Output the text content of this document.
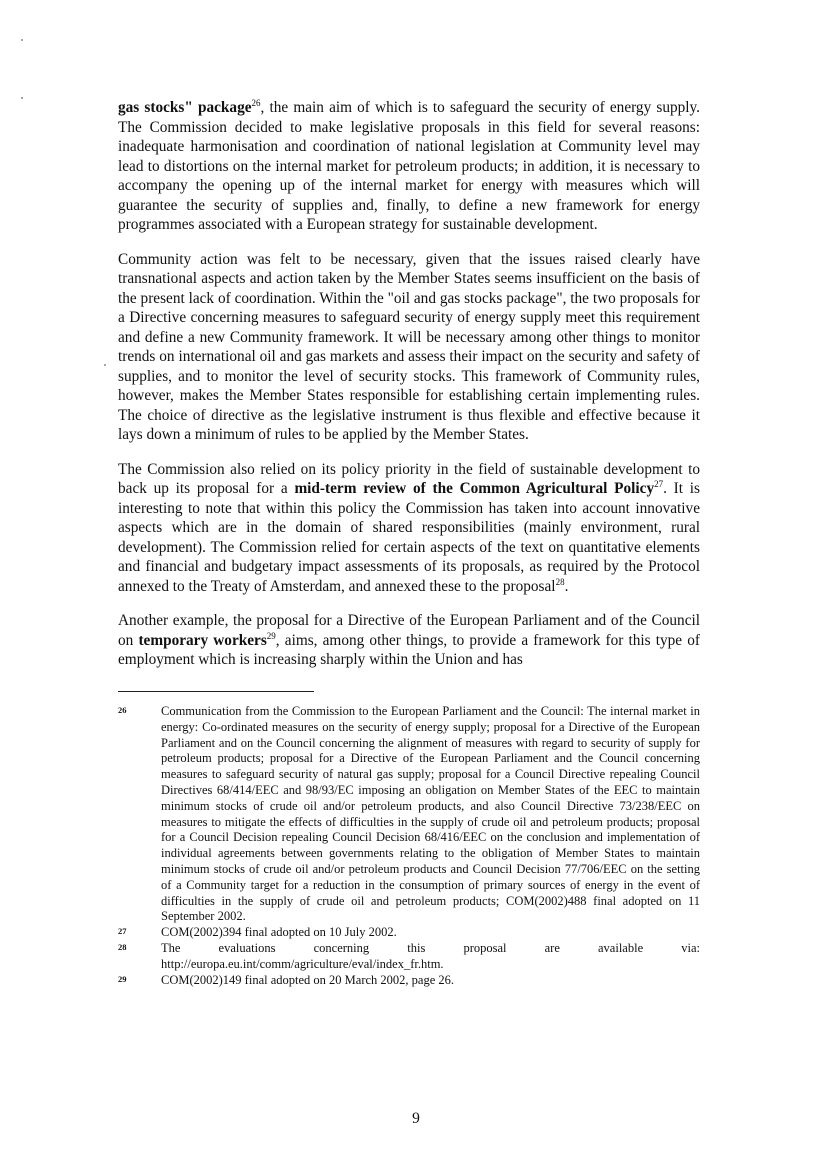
gas stocks" package$^{26}$, the main aim of which is to safeguard the security of energy supply. The Commission decided to make legislative proposals in this field for several reasons: inadequate harmonisation and coordination of national legislation at Community level may lead to distortions on the internal market for petroleum products; in addition, it is necessary to accompany the opening up of the internal market for energy with measures which will guarantee the security of supplies and, finally, to define a new framework for energy programmes associated with a European strategy for sustainable development.

Community action was felt to be necessary, given that the issues raised clearly have transnational aspects and action taken by the Member States seems insufficient on the basis of the present lack of coordination. Within the "oil and gas stocks package", the two proposals for a Directive concerning measures to safeguard security of energy supply meet this requirement and define a new Community framework. It will be necessary among other things to monitor trends on international oil and gas markets and assess their impact on the security and safety of supplies, and to monitor the level of security stocks. This framework of Community rules, however, makes the Member States responsible for establishing certain implementing rules. The choice of directive as the legislative instrument is thus flexible and effective because it lays down a minimum of rules to be applied by the Member States.

The Commission also relied on its policy priority in the field of sustainable development to back up its proposal for a mid-term review of the Common Agricultural Policy$^{27}$. It is interesting to note that within this policy the Commission has taken into account innovative aspects which are in the domain of shared responsibilities (mainly environment, rural development). The Commission relied for certain aspects of the text on quantitative elements and financial and budgetary impact assessments of its proposals, as required by the Protocol annexed to the Treaty of Amsterdam, and annexed these to the proposal$^{28}$.

Another example, the proposal for a Directive of the European Parliament and of the Council on temporary workers$^{29}$, aims, among other things, to provide a framework for this type of employment which is increasing sharply within the Union and has

26	Communication from the Commission to the European Parliament and the Council: The internal market in energy: Co-ordinated measures on the security of energy supply; proposal for a Directive of the European Parliament and on the Council concerning the alignment of measures with regard to security of supply for petroleum products; proposal for a Directive of the European Parliament and the Council concerning measures to safeguard security of natural gas supply; proposal for a Council Directive repealing Council Directives 68/414/EEC and 98/93/EC imposing an obligation on Member States of the EEC to maintain minimum stocks of crude oil and/or petroleum products, and also Council Directive 73/238/EEC on measures to mitigate the effects of difficulties in the supply of crude oil and petroleum products; proposal for a Council Decision repealing Council Decision 68/416/EEC on the conclusion and implementation of individual agreements between governments relating to the obligation of Member States to maintain minimum stocks of crude oil and/or petroleum products and Council Decision 77/706/EEC on the setting of a Community target for a reduction in the consumption of primary sources of energy in the event of difficulties in the supply of crude oil and petroleum products; COM(2002)488 final adopted on 11 September 2002.
27	COM(2002)394 final adopted on 10 July 2002.
28	The evaluations concerning this proposal are available via: http://europa.eu.int/comm/agriculture/eval/index_fr.htm.
29	COM(2002)149 final adopted on 20 March 2002, page 26.
9
